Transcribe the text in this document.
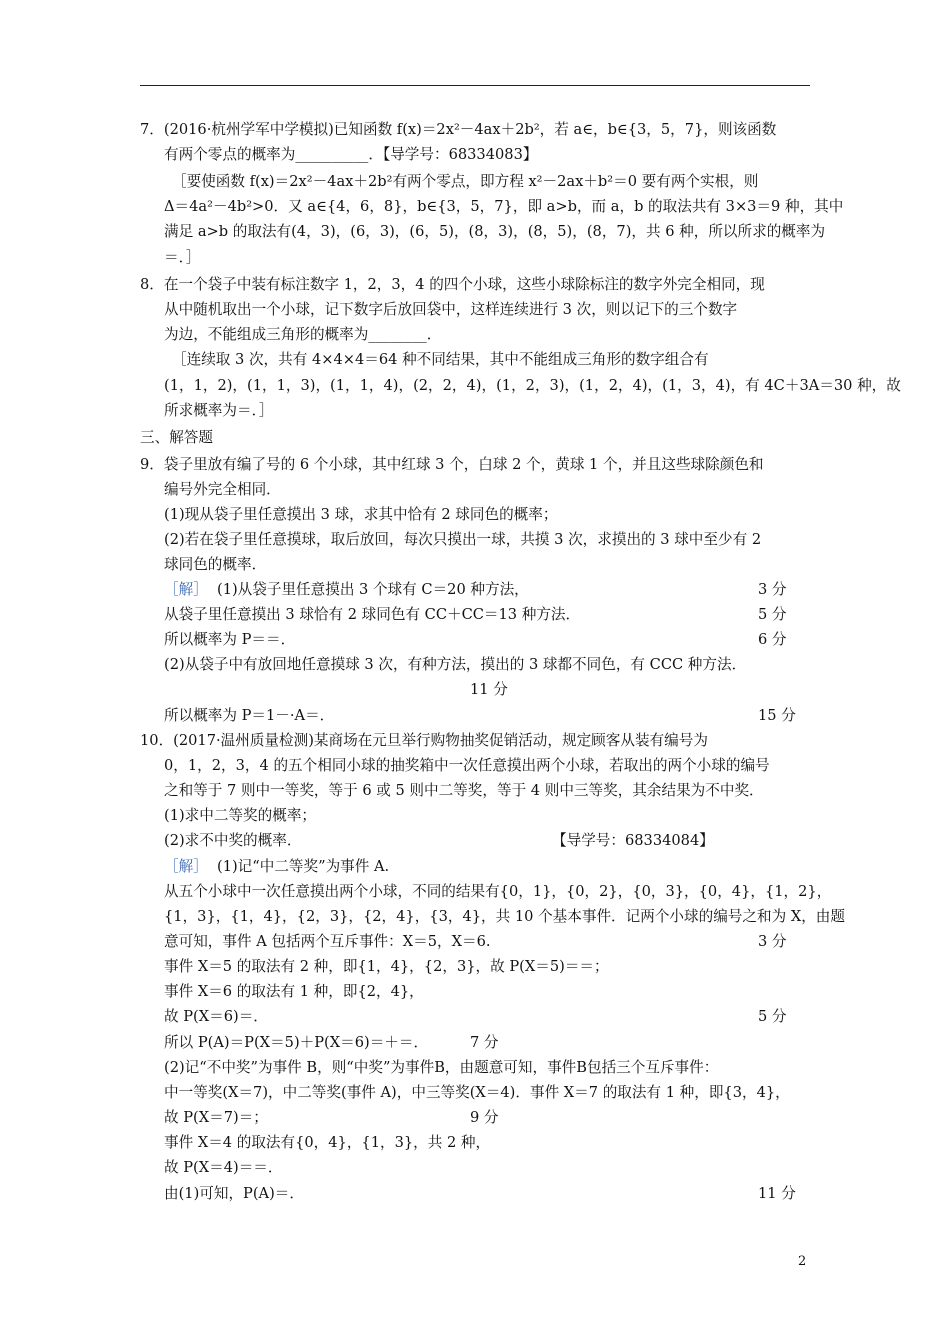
7．(2016·杭州学军中学模拟)已知函数 f(x)＝2x²－4ax＋2b²，若 a∈，b∈{3，5，7}，则该函数
有两个零点的概率为__________．【导学号：68334083】
［要使函数 f(x)＝2x²－4ax＋2b²有两个零点，即方程 x²－2ax＋b²＝0 要有两个实根，则
Δ＝4a²－4b²>0．又 a∈{4，6，8}，b∈{3，5，7}，即 a>b，而 a，b 的取法共有 3×3＝9 种，其中
满足 a>b 的取法有(4，3)，(6，3)，(6，5)，(8，3)，(8，5)，(8，7)，共 6 种，所以所求的概率为
＝．］
8．在一个袋子中装有标注数字 1，2，3，4 的四个小球，这些小球除标注的数字外完全相同，现
从中随机取出一个小球，记下数字后放回袋中，这样连续进行 3 次，则以记下的三个数字
为边，不能组成三角形的概率为________．
［连续取 3 次，共有 4×4×4＝64 种不同结果，其中不能组成三角形的数字组合有
(1，1，2)，(1，1，3)，(1，1，4)，(2，2，4)，(1，2，3)，(1，2，4)，(1，3，4)，有 4C＋3A＝30 种，故
所求概率为＝．］
三、解答题
9．袋子里放有编了号的 6 个小球，其中红球 3 个，白球 2 个，黄球 1 个，并且这些球除颜色和
编号外完全相同．
(1)现从袋子里任意摸出 3 球，求其中恰有 2 球同色的概率；
(2)若在袋子里任意摸球，取后放回，每次只摸出一球，共摸 3 次，求摸出的 3 球中至少有 2
球同色的概率．
［解］ (1)从袋子里任意摸出 3 个球有 C＝20 种方法，	3 分
从袋子里任意摸出 3 球恰有 2 球同色有 CC＋CC＝13 种方法．	5 分
所以概率为 P＝＝．	6 分
(2)从袋子中有放回地任意摸球 3 次，有种方法，摸出的 3 球都不同色，有 CCC 种方法．
11 分
所以概率为 P＝1－·A＝．	15 分
10．(2017·温州质量检测)某商场在元旦举行购物抽奖促销活动，规定顾客从装有编号为
0，1，2，3，4 的五个相同小球的抽奖箱中一次任意摸出两个小球，若取出的两个小球的编号
之和等于 7 则中一等奖，等于 6 或 5 则中二等奖，等于 4 则中三等奖，其余结果为不中奖．
(1)求中二等奖的概率；
(2)求不中奖的概率．	【导学号：68334084】
［解］ (1)记“中二等奖”为事件 A.
从五个小球中一次任意摸出两个小球，不同的结果有{0，1}，{0，2}，{0，3}，{0，4}，{1，2}，
{1，3}，{1，4}，{2，3}，{2，4}，{3，4}，共 10 个基本事件．记两个小球的编号之和为 X，由题
意可知，事件 A 包括两个互斥事件：X＝5，X＝6.	3 分
事件 X＝5 的取法有 2 种，即{1，4}，{2，3}，故 P(X＝5)＝＝；
事件 X＝6 的取法有 1 种，即{2，4}，
故 P(X＝6)＝．	5 分
所以 P(A)＝P(X＝5)＋P(X＝6)＝＋＝．	7 分
(2)记“不中奖”为事件 B，则“中奖”为事件B，由题意可知，事件B包括三个互斥事件：
中一等奖(X＝7)，中二等奖(事件 A)，中三等奖(X＝4)．事件 X＝7 的取法有 1 种，即{3，4}，
故 P(X＝7)＝；	9 分
事件 X＝4 的取法有{0，4}，{1，3}，共 2 种，
故 P(X＝4)＝＝．
由(1)可知，P(A)＝．	11 分
2
